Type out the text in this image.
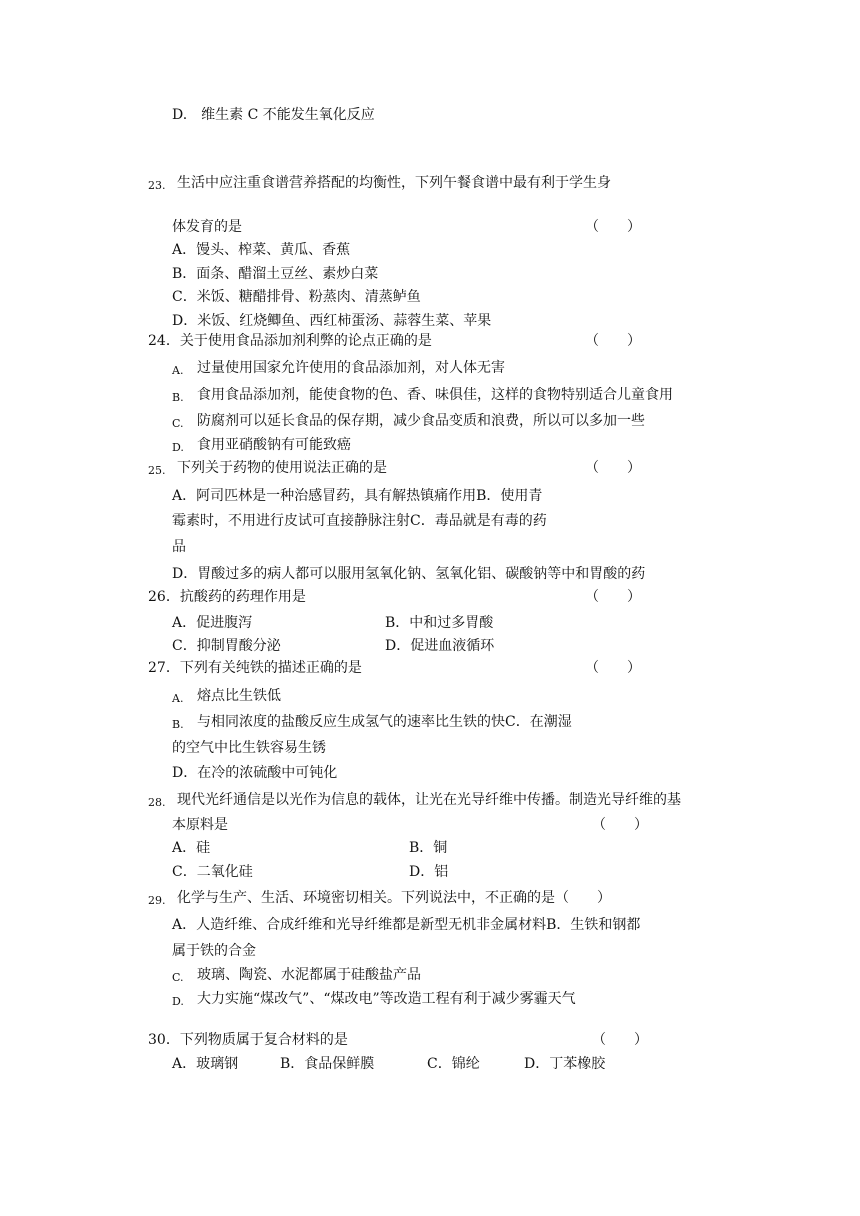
D.　维生素 C 不能发生氧化反应
23. 生活中应注重食谱营养搭配的均衡性，下列午餐食谱中最有利于学生身
体发育的是	（　　）
A．馒头、榨菜、黄瓜、香蕉
B．面条、醋溜土豆丝、素炒白菜
C．米饭、糖醋排骨、粉蒸肉、清蒸鲈鱼
D．米饭、红烧鲫鱼、西红柿蛋汤、蒜蓉生菜、苹果
24．关于使用食品添加剂利弊的论点正确的是	（　　）
A. 过量使用国家允许使用的食品添加剂，对人体无害
B. 食用食品添加剂，能使食物的色、香、味俱佳，这样的食物特别适合儿童食用
C. 防腐剂可以延长食品的保存期，减少食品变质和浪费，所以可以多加一些
D. 食用亚硝酸钠有可能致癌
25. 下列关于药物的使用说法正确的是	（　　）
A．阿司匹林是一种治感冒药，具有解热镇痛作用B．使用青
霉素时，不用进行皮试可直接静脉注射C．毒品就是有毒的药
品
D．胃酸过多的病人都可以服用氢氧化钠、氢氧化铝、碳酸钠等中和胃酸的药
26．抗酸药的药理作用是	（　　）
A．促进腹泻	B．中和过多胃酸
C．抑制胃酸分泌	D．促进血液循环
27．下列有关纯铁的描述正确的是	（　　）
A. 熔点比生铁低
B. 与相同浓度的盐酸反应生成氢气的速率比生铁的快C．在潮湿
的空气中比生铁容易生锈
D．在冷的浓硫酸中可钝化
28. 现代光纤通信是以光作为信息的载体，让光在光导纤维中传播。制造光导纤维的基
本原料是	（　　）
A．硅	B．铜
C．二氧化硅	D．铝
29. 化学与生产、生活、环境密切相关。下列说法中，不正确的是（　　）
A．人造纤维、合成纤维和光导纤维都是新型无机非金属材料B．生铁和钢都
属于铁的合金
C. 玻璃、陶瓷、水泥都属于硅酸盐产品
D. 大力实施“煤改气”、“煤改电”等改造工程有利于减少雾霾天气
30．下列物质属于复合材料的是	（　　）
A．玻璃钢	B．食品保鲜膜	C．锦纶	D．丁苯橡胶
